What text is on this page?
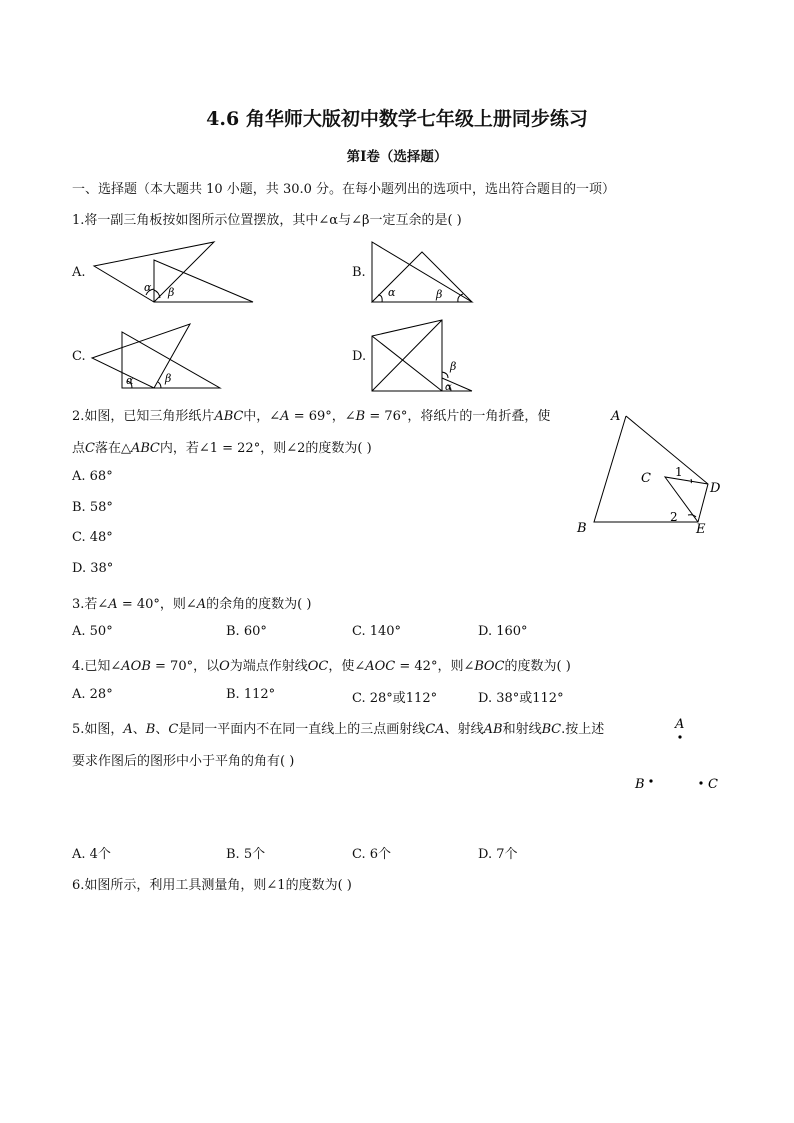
4.6 角华师大版初中数学七年级上册同步练习
第Ⅰ卷（选择题）
一、选择题（本大题共 10 小题，共 30.0 分。在每小题列出的选项中，选出符合题目的一项）
1.将一副三角板按如图所示位置摆放，其中∠α与∠β一定互余的是( )
A.	B.
C.	D.
α β	α	β
α	β
β
α
2.如图，已知三角形纸片𝐴𝐵𝐶中，∠𝐴 = 69°，∠𝐵 = 76°，将纸片的一角折叠，使
点𝐶落在△𝐴𝐵𝐶内，若∠1 = 22°，则∠2的度数为( )
A. 68°
B. 58°
C. 48°
D. 38°
A
B
C
D
E
1
2
3.若∠𝐴 = 40°，则∠𝐴的余角的度数为( )
A. 50°	B. 60°	C. 140°	D. 160°
4.已知∠𝐴𝑂𝐵 = 70°，以𝑂为端点作射线𝑂𝐶，使∠𝐴𝑂𝐶 = 42°，则∠𝐵𝑂𝐶的度数为( )
A. 28°	B. 112°	C. 28°或112°	D. 38°或112°
5.如图，𝐴、𝐵、𝐶是同一平面内不在同一直线上的三点画射线𝐶𝐴、射线𝐴𝐵和射线𝐵𝐶.按上述
要求作图后的图形中小于平角的角有( )
A
B	C
A. 4个	B. 5个	C. 6个	D. 7个
6.如图所示，利用工具测量角，则∠1的度数为( )
